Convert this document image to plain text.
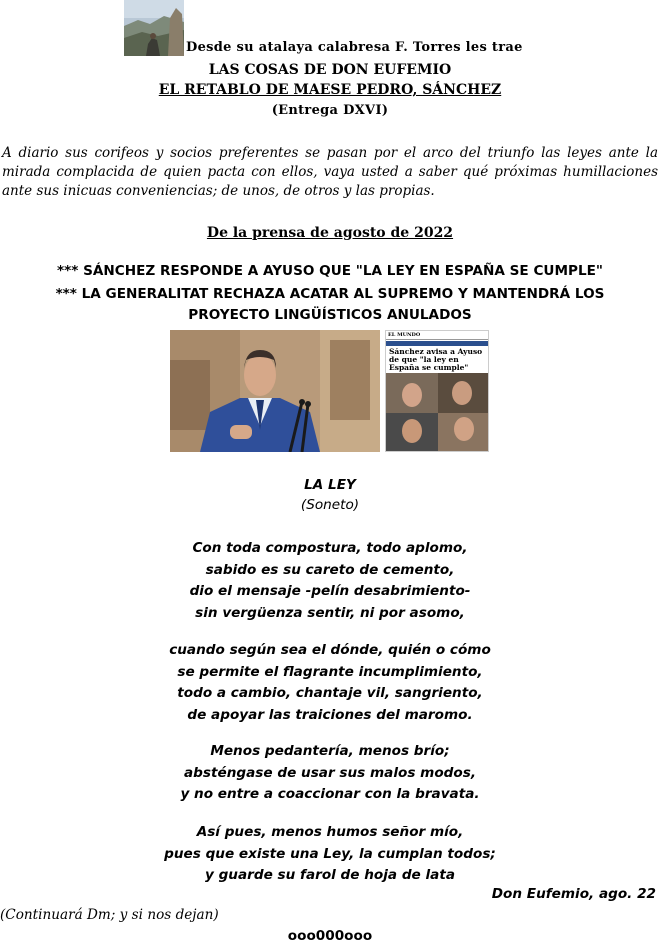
Desde su atalaya calabresa F. Torres les trae
LAS COSAS DE DON EUFEMIO
EL RETABLO DE MAESE PEDRO, SÁNCHEZ
(Entrega DXVI)

A diario sus corifeos y socios preferentes se pasan por el arco del triunfo las leyes ante la mirada complacida de quien pacta con ellos, vaya usted a saber qué próximas humillaciones ante sus inicuas conveniencias; de unos, de otros y las propias.

De la prensa de agosto de 2022
*** SÁNCHEZ RESPONDE A AYUSO QUE "LA LEY EN ESPAÑA SE CUMPLE"
*** LA GENERALITAT RECHAZA ACATAR AL SUPREMO Y MANTENDRÁ LOS
PROYECTO LINGÜÍSTICOS ANULADOS
EL MUNDO
Sánchez avisa a Ayuso de que "la ley en España se cumple"
LA LEY
(Soneto)
Con toda compostura, todo aplomo,
sabido es su careto de cemento,
dio el mensaje -pelín desabrimiento-
sin vergüenza sentir, ni por asomo,
cuando según sea el dónde, quién o cómo
se permite el flagrante incumplimiento,
todo a cambio, chantaje vil, sangriento,
de apoyar las traiciones del maromo.
Menos pedantería, menos brío;
absténgase de usar sus malos modos,
y no entre a coaccionar con la bravata.
Así pues, menos humos señor mío,
pues que existe una Ley, la cumplan todos;
y guarde su farol de hoja de lata
Don Eufemio, ago. 22
(Continuará Dm; y si nos dejan)
ooo000ooo
